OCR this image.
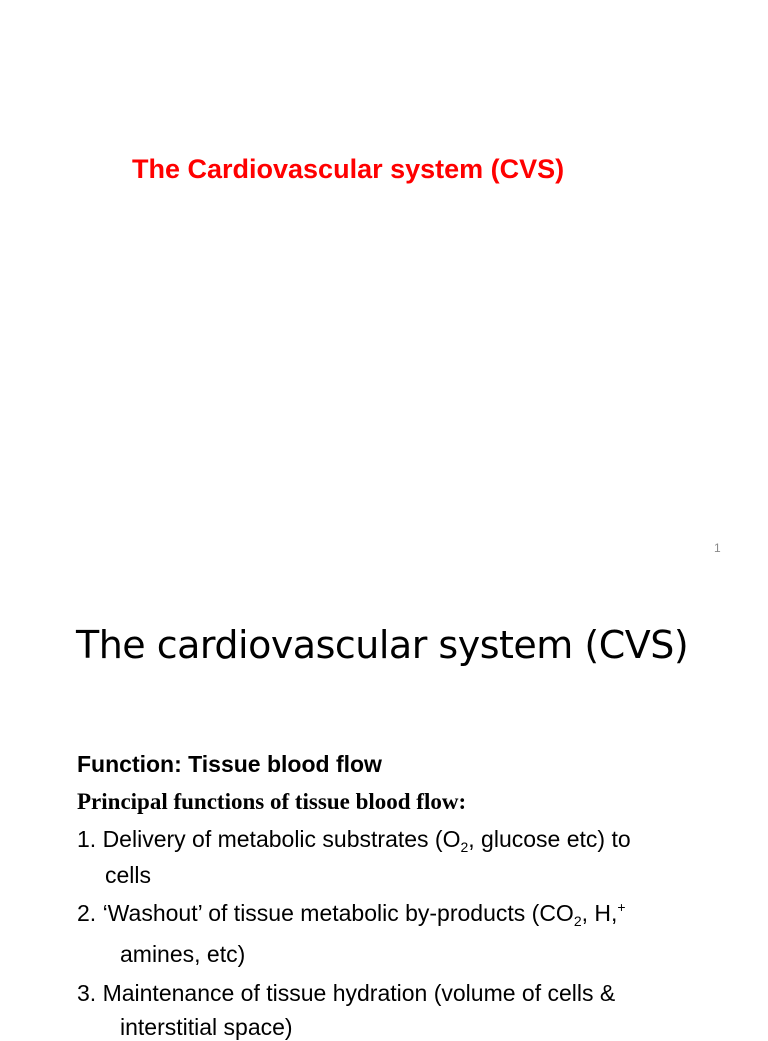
The Cardiovascular system (CVS)
1
The cardiovascular system (CVS)
Function: Tissue blood flow
Principal functions of tissue blood flow:
1. Delivery of metabolic substrates ($O_2$, glucose etc) to
cells
2. ‘Washout’ of tissue metabolic by-products ($CO_2$, H,+
amines, etc)
3. Maintenance of tissue hydration (volume of cells &
interstitial space)
